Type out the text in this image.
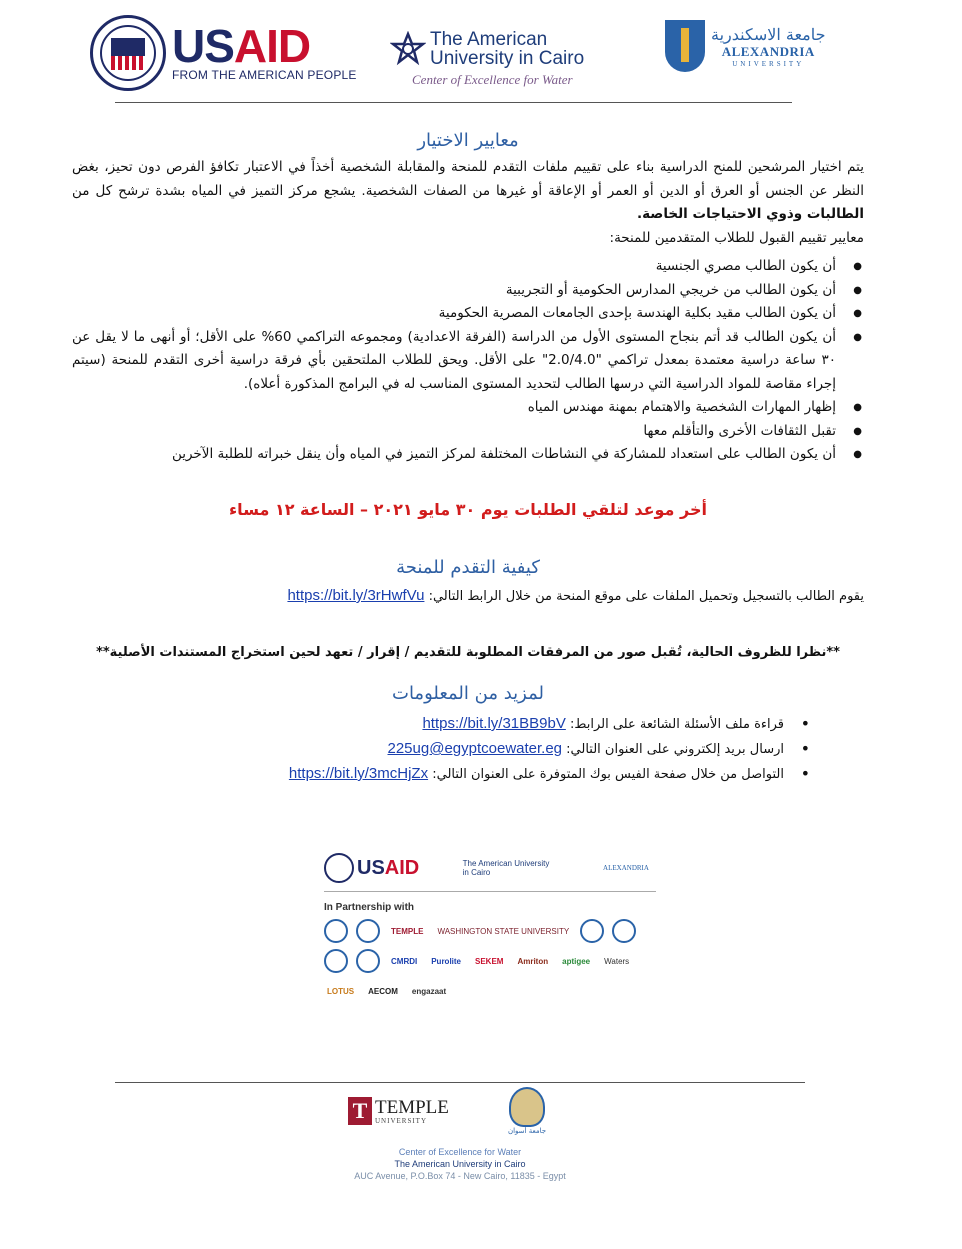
USAID
FROM THE AMERICAN PEOPLE
The American
University in Cairo
Center of Excellence for Water
جامعة الاسكندرية
ALEXANDRIA
UNIVERSITY
معايير الاختيار
يتم اختيار المرشحين للمنح الدراسية بناء على تقييم ملفات التقدم للمنحة والمقابلة الشخصية أخذاً في الاعتبار تكافؤ الفرص دون تحيز، بغض النظر عن الجنس أو العرق أو الدين أو العمر أو الإعاقة أو غيرها من الصفات الشخصية. يشجع مركز التميز في المياه بشدة ترشح كل من الطالبات وذوي الاحتياجات الخاصة.
معايير تقييم القبول للطلاب المتقدمين للمنحة:
● أن يكون الطالب مصري الجنسية
● أن يكون الطالب من خريجي المدارس الحكومية أو التجريبية
● أن يكون الطالب مقيد بكلية الهندسة بإحدى الجامعات المصرية الحكومية
● أن يكون الطالب قد أتم بنجاح المستوى الأول من الدراسة (الفرقة الاعدادية) ومجموعه التراكمي 60% على الأقل؛ أو أنهى ما لا يقل عن ٣٠ ساعة دراسية معتمدة بمعدل تراكمي "2.0/4.0" على الأقل. ويحق للطلاب الملتحقين بأي فرقة دراسية أخرى التقدم للمنحة (سيتم إجراء مقاصة للمواد الدراسية التي درسها الطالب لتحديد المستوى المناسب له في البرامج المذكورة أعلاه).
● إظهار المهارات الشخصية والاهتمام بمهنة مهندس المياه
● تقبل الثقافات الأخرى والتأقلم معها
● أن يكون الطالب على استعداد للمشاركة في النشاطات المختلفة لمركز التميز في المياه وأن ينقل خبراته للطلبة الآخرين
أخر موعد لتلقي الطلبات يوم ٣٠ مايو ٢٠٢١ – الساعة ١٢ مساء
كيفية التقدم للمنحة
يقوم الطالب بالتسجيل وتحميل الملفات على موقع المنحة من خلال الرابط التالي: https://bit.ly/3rHwfVu
**نظرا للظروف الحالية، تُقبل صور من المرفقات المطلوبة للتقديم / إقرار / تعهد لحين استخراج المستندات الأصلية**
لمزيد من المعلومات
• قراءة ملف الأسئلة الشائعة على الرابط: https://bit.ly/31BB9bV
• ارسال بريد إلكتروني على العنوان التالي: 225ug@egyptcoewater.eg
• التواصل من خلال صفحة الفيس بوك المتوفرة على العنوان التالي: https://bit.ly/3mcHjZx
USAID	The American University in Cairo	ALEXANDRIA
In Partnership with
TEMPLE	WASHINGTON STATE UNIVERSITY
CMRDI	Purolite	SEKEM	Amriton	aptigee	Waters
LOTUS	AECOM	engazaat
T TEMPLE
UNIVERSITY
جامعة أسوان
Center of Excellence for Water
The American University in Cairo
AUC Avenue, P.O.Box 74 - New Cairo, 11835 - Egypt
